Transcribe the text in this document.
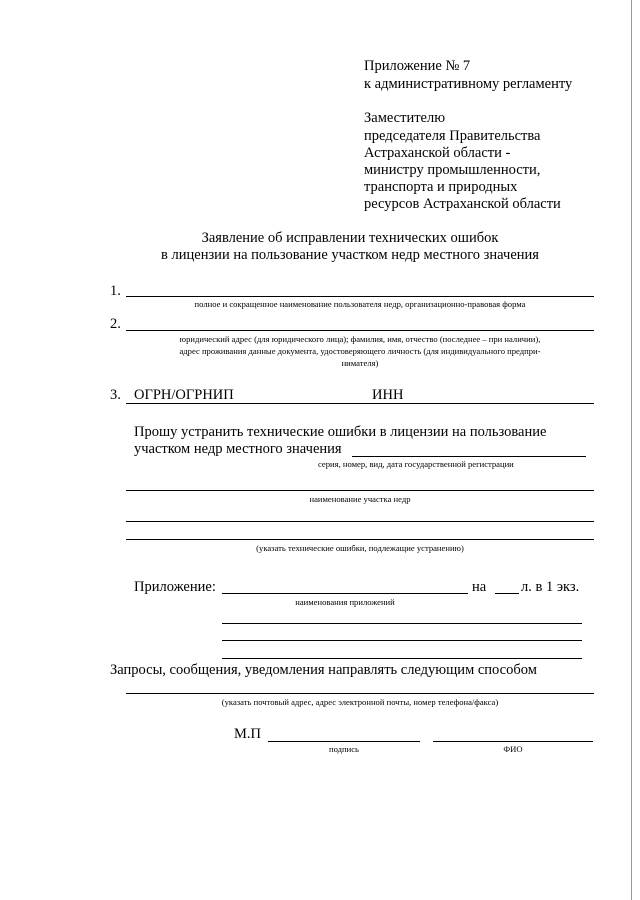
Приложение № 7
к административному регламенту
Заместителю
председателя Правительства
Астраханской области -
министру промышленности,
транспорта и природных
ресурсов Астраханской области
Заявление об исправлении технических ошибок
в лицензии на пользование участком недр местного значения
1.
полное и сокращенное наименование пользователя недр, организационно-правовая форма
2.
юридический адрес (для юридического лица); фамилия, имя, отчество (последнее – при наличии),
адрес проживания данные документа, удостоверяющего личность (для индивидуального предпри-
нимателя)
3. ОГРН/ОГРНИП	ИНН
Прошу устранить технические ошибки в лицензии на пользование
участком недр местного значения
серия, номер, вид, дата государственной регистрации
наименование участка недр
(указать технические ошибки, подлежащие устранению)
Приложение:	на л. в 1 экз.
наименования приложений
Запросы, сообщения, уведомления направлять следующим способом
(указать почтовый адрес, адрес электронной почты, номер телефона/факса)
М.П
подпись	ФИО
